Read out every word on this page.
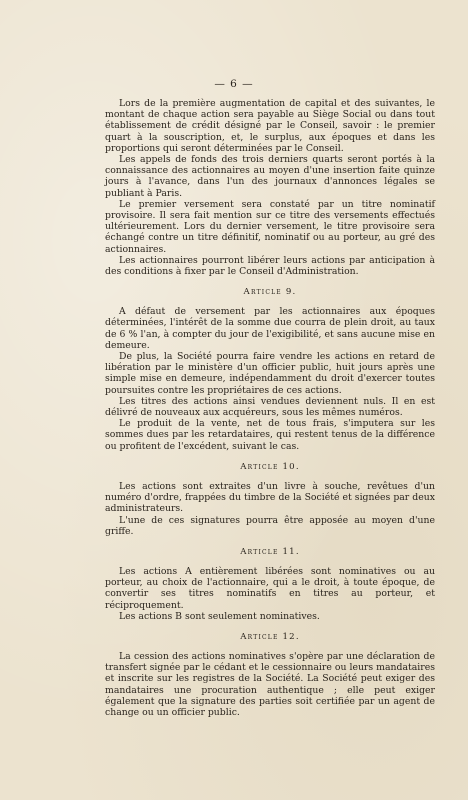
— 6 —

Lors de la première augmentation de capital et des suivantes, le montant de chaque action sera payable au Siège Social ou dans tout établissement de crédit désigné par le Conseil, savoir : le premier quart à la souscription, et, le surplus, aux époques et dans les proportions qui seront déterminées par le Conseil.

Les appels de fonds des trois derniers quarts seront portés à la connaissance des actionnaires au moyen d'une insertion faite quinze jours à l'avance, dans l'un des journaux d'annonces légales se publiant à Paris.

Le premier versement sera constaté par un titre nominatif provisoire. Il sera fait mention sur ce titre des versements effectués ultérieurement. Lors du dernier versement, le titre provisoire sera échangé contre un titre définitif, nominatif ou au porteur, au gré des actionnaires.

Les actionnaires pourront libérer leurs actions par anticipation à des conditions à fixer par le Conseil d'Administration.

Article 9.

A défaut de versement par les actionnaires aux époques déterminées, l'intérêt de la somme due courra de plein droit, au taux de 6 % l'an, à compter du jour de l'exigibilité, et sans aucune mise en demeure.

De plus, la Société pourra faire vendre les actions en retard de libération par le ministère d'un officier public, huit jours après une simple mise en demeure, indépendamment du droit d'exercer toutes poursuites contre les propriétaires de ces actions.

Les titres des actions ainsi vendues deviennent nuls. Il en est délivré de nouveaux aux acquéreurs, sous les mêmes numéros.

Le produit de la vente, net de tous frais, s'imputera sur les sommes dues par les retardataires, qui restent tenus de la différence ou profitent de l'excédent, suivant le cas.

Article 10.

Les actions sont extraites d'un livre à souche, revêtues d'un numéro d'ordre, frappées du timbre de la Société et signées par deux administrateurs.

L'une de ces signatures pourra être apposée au moyen d'une griffe.

Article 11.

Les actions A entièrement libérées sont nominatives ou au porteur, au choix de l'actionnaire, qui a le droit, à toute époque, de convertir ses titres nominatifs en titres au porteur, et réciproquement.

Les actions B sont seulement nominatives.

Article 12.

La cession des actions nominatives s'opère par une déclaration de transfert signée par le cédant et le cessionnaire ou leurs mandataires et inscrite sur les registres de la Société. La Société peut exiger des mandataires une procuration authentique ; elle peut exiger également que la signature des parties soit certifiée par un agent de change ou un officier public.
